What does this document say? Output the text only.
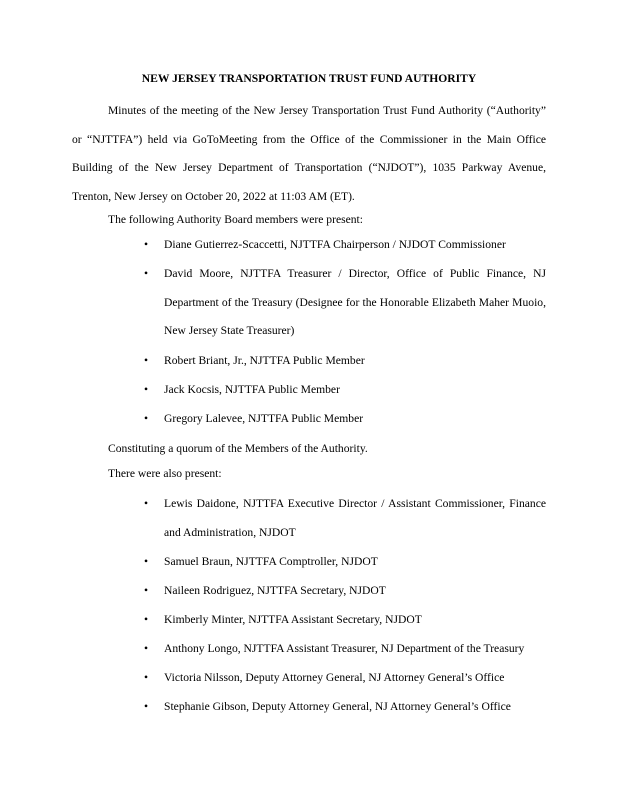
NEW JERSEY TRANSPORTATION TRUST FUND AUTHORITY

Minutes of the meeting of the New Jersey Transportation Trust Fund Authority (“Authority” or “NJTTFA”) held via GoToMeeting from the Office of the Commissioner in the Main Office Building of the New Jersey Department of Transportation (“NJDOT”), 1035 Parkway Avenue, Trenton, New Jersey on October 20, 2022 at 11:03 AM (ET).

The following Authority Board members were present:

• Diane Gutierrez-Scaccetti, NJTTFA Chairperson / NJDOT Commissioner
• David Moore, NJTTFA Treasurer / Director, Office of Public Finance, NJ Department of the Treasury (Designee for the Honorable Elizabeth Maher Muoio, New Jersey State Treasurer)
• Robert Briant, Jr., NJTTFA Public Member
• Jack Kocsis, NJTTFA Public Member
• Gregory Lalevee, NJTTFA Public Member

Constituting a quorum of the Members of the Authority.

There were also present:

• Lewis Daidone, NJTTFA Executive Director / Assistant Commissioner, Finance and Administration, NJDOT
• Samuel Braun, NJTTFA Comptroller, NJDOT
• Naileen Rodriguez, NJTTFA Secretary, NJDOT
• Kimberly Minter, NJTTFA Assistant Secretary, NJDOT
• Anthony Longo, NJTTFA Assistant Treasurer, NJ Department of the Treasury
• Victoria Nilsson, Deputy Attorney General, NJ Attorney General’s Office
• Stephanie Gibson, Deputy Attorney General, NJ Attorney General’s Office
